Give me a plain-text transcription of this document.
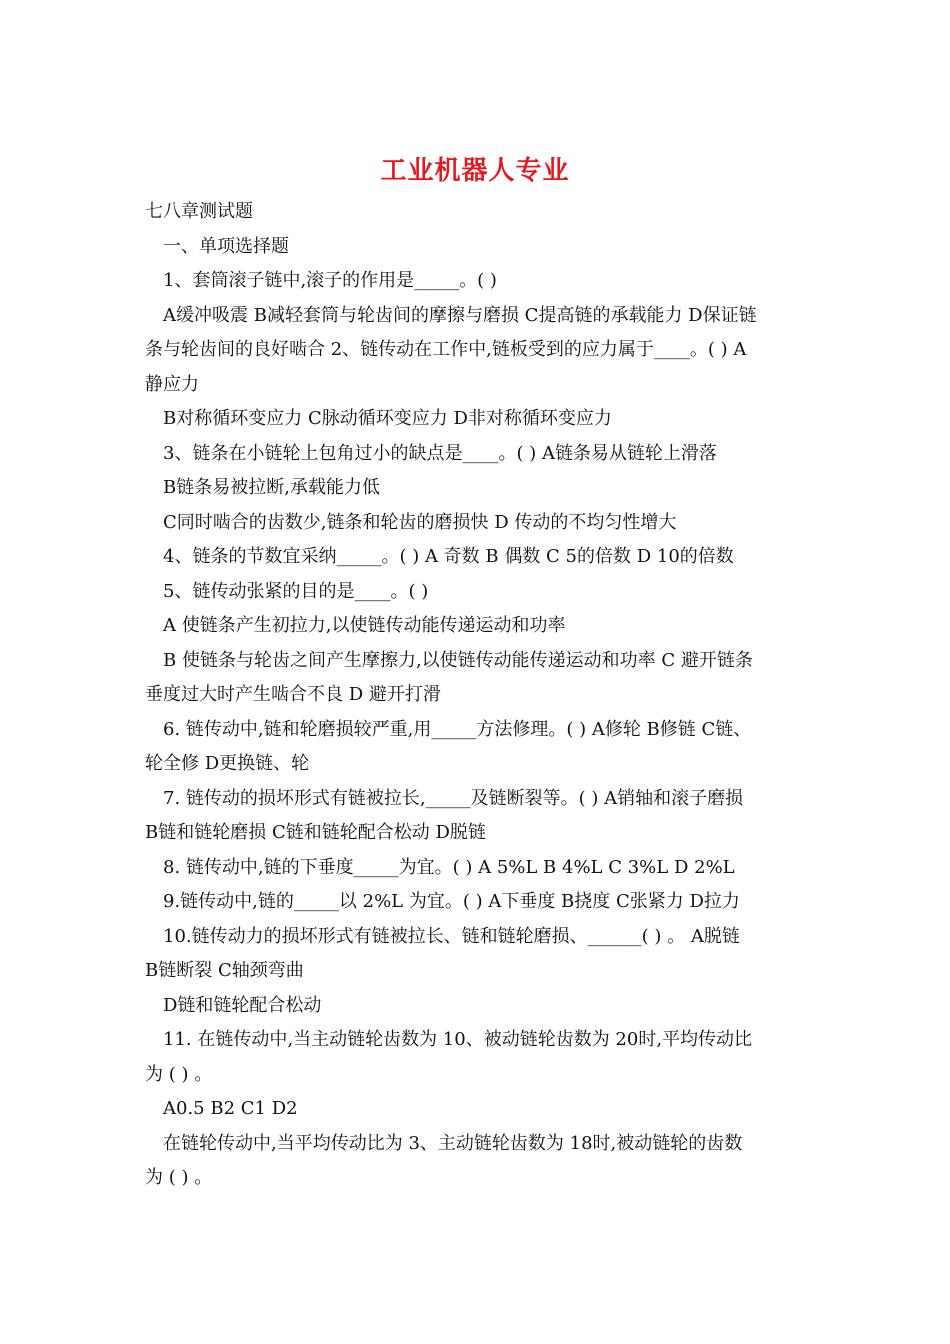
工业机器人专业

七八章测试题

一、单项选择题

1、套筒滚子链中,滚子的作用是_____。( )

A缓冲吸震 B减轻套筒与轮齿间的摩擦与磨损 C提高链的承载能力 D保证链

条与轮齿间的良好啮合 2、链传动在工作中,链板受到的应力属于____。( ) A

静应力

B对称循环变应力 C脉动循环变应力 D非对称循环变应力

3、链条在小链轮上包角过小的缺点是____。( ) A链条易从链轮上滑落

B链条易被拉断,承载能力低

C同时啮合的齿数少,链条和轮齿的磨损快 D 传动的不均匀性增大

4、链条的节数宜采纳_____。( ) A 奇数 B 偶数 C 5的倍数 D 10的倍数

5、链传动张紧的目的是____。( )

A 使链条产生初拉力,以使链传动能传递运动和功率

B 使链条与轮齿之间产生摩擦力,以使链传动能传递运动和功率 C 避开链条

垂度过大时产生啮合不良 D 避开打滑

6. 链传动中,链和轮磨损较严重,用_____方法修理。( ) A修轮 B修链 C链、

轮全修 D更换链、轮

7. 链传动的损坏形式有链被拉长,_____及链断裂等。( ) A销轴和滚子磨损

B链和链轮磨损 C链和链轮配合松动 D脱链

8. 链传动中,链的下垂度_____为宜。( ) A 5%L B 4%L C 3%L D 2%L

9.链传动中,链的_____以 2%L 为宜。( ) A下垂度 B挠度 C张紧力 D拉力

10.链传动力的损坏形式有链被拉长、链和链轮磨损、______( ) 。 A脱链

B链断裂 C轴颈弯曲

D链和链轮配合松动

11. 在链传动中,当主动链轮齿数为 10、被动链轮齿数为 20时,平均传动比

为 ( ) 。

A0.5 B2 C1 D2

在链轮传动中,当平均传动比为 3、主动链轮齿数为 18时,被动链轮的齿数

为 ( ) 。
